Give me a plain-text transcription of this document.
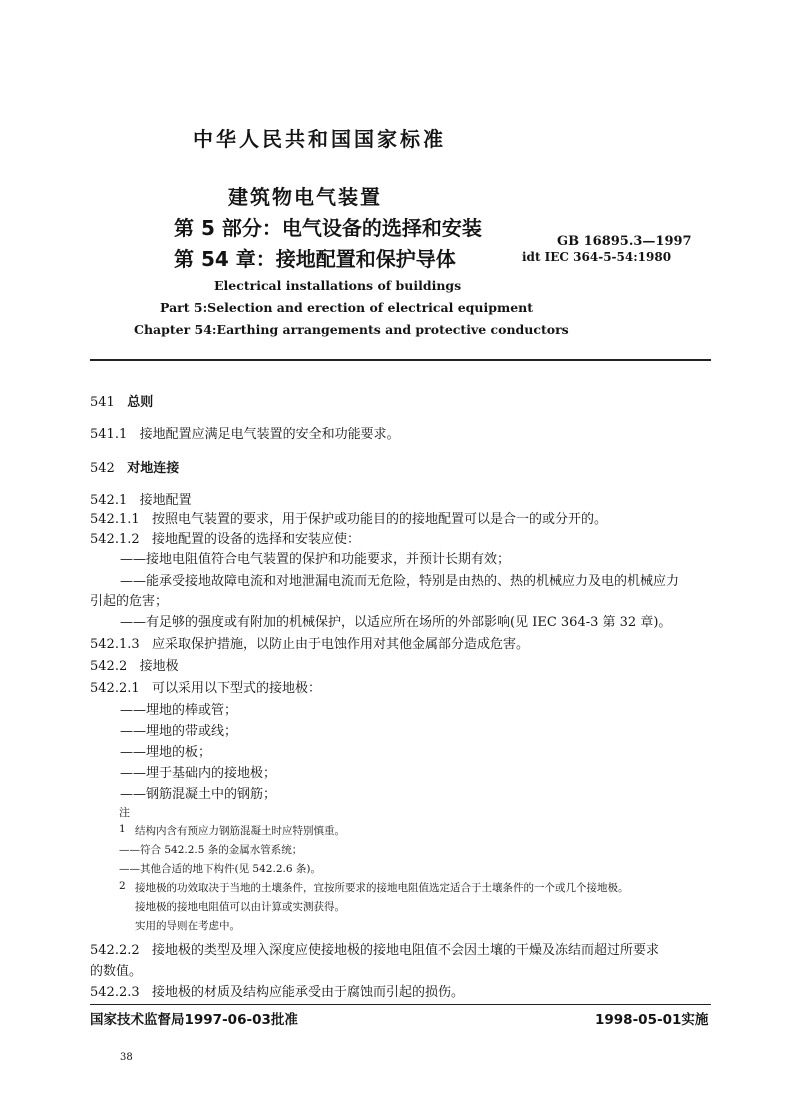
中华人民共和国国家标准
建筑物电气装置
第 5 部分：电气设备的选择和安装
第 54 章：接地配置和保护导体
GB 16895.3—1997
idt IEC 364-5-54:1980
Electrical installations of buildings
Part 5:Selection and erection of electrical equipment
Chapter 54:Earthing arrangements and protective conductors
541 总则
541.1 接地配置应满足电气装置的安全和功能要求。
542 对地连接
542.1 接地配置
542.1.1 按照电气装置的要求，用于保护或功能目的的接地配置可以是合一的或分开的。
542.1.2 接地配置的设备的选择和安装应使：
——接地电阻值符合电气装置的保护和功能要求，并预计长期有效；
——能承受接地故障电流和对地泄漏电流而无危险，特别是由热的、热的机械应力及电的机械应力
引起的危害；
——有足够的强度或有附加的机械保护，以适应所在场所的外部影响(见 IEC 364-3 第 32 章)。
542.1.3 应采取保护措施，以防止由于电蚀作用对其他金属部分造成危害。
542.2 接地极
542.2.1 可以采用以下型式的接地极：
——埋地的棒或管；
——埋地的带或线；
——埋地的板；
——埋于基础内的接地极；
——钢筋混凝土中的钢筋；
注
1 结构内含有预应力钢筋混凝土时应特别慎重。
——符合 542.2.5 条的金属水管系统；
——其他合适的地下构件(见 542.2.6 条)。
2 接地极的功效取决于当地的土壤条件，宜按所要求的接地电阻值选定适合于土壤条件的一个或几个接地极。
接地极的接地电阻值可以由计算或实测获得。
实用的导则在考虑中。
542.2.2 接地极的类型及埋入深度应使接地极的接地电阻值不会因土壤的干燥及冻结而超过所要求
的数值。
542.2.3 接地极的材质及结构应能承受由于腐蚀而引起的损伤。
国家技术监督局1997-06-03批准	1998-05-01实施
38
